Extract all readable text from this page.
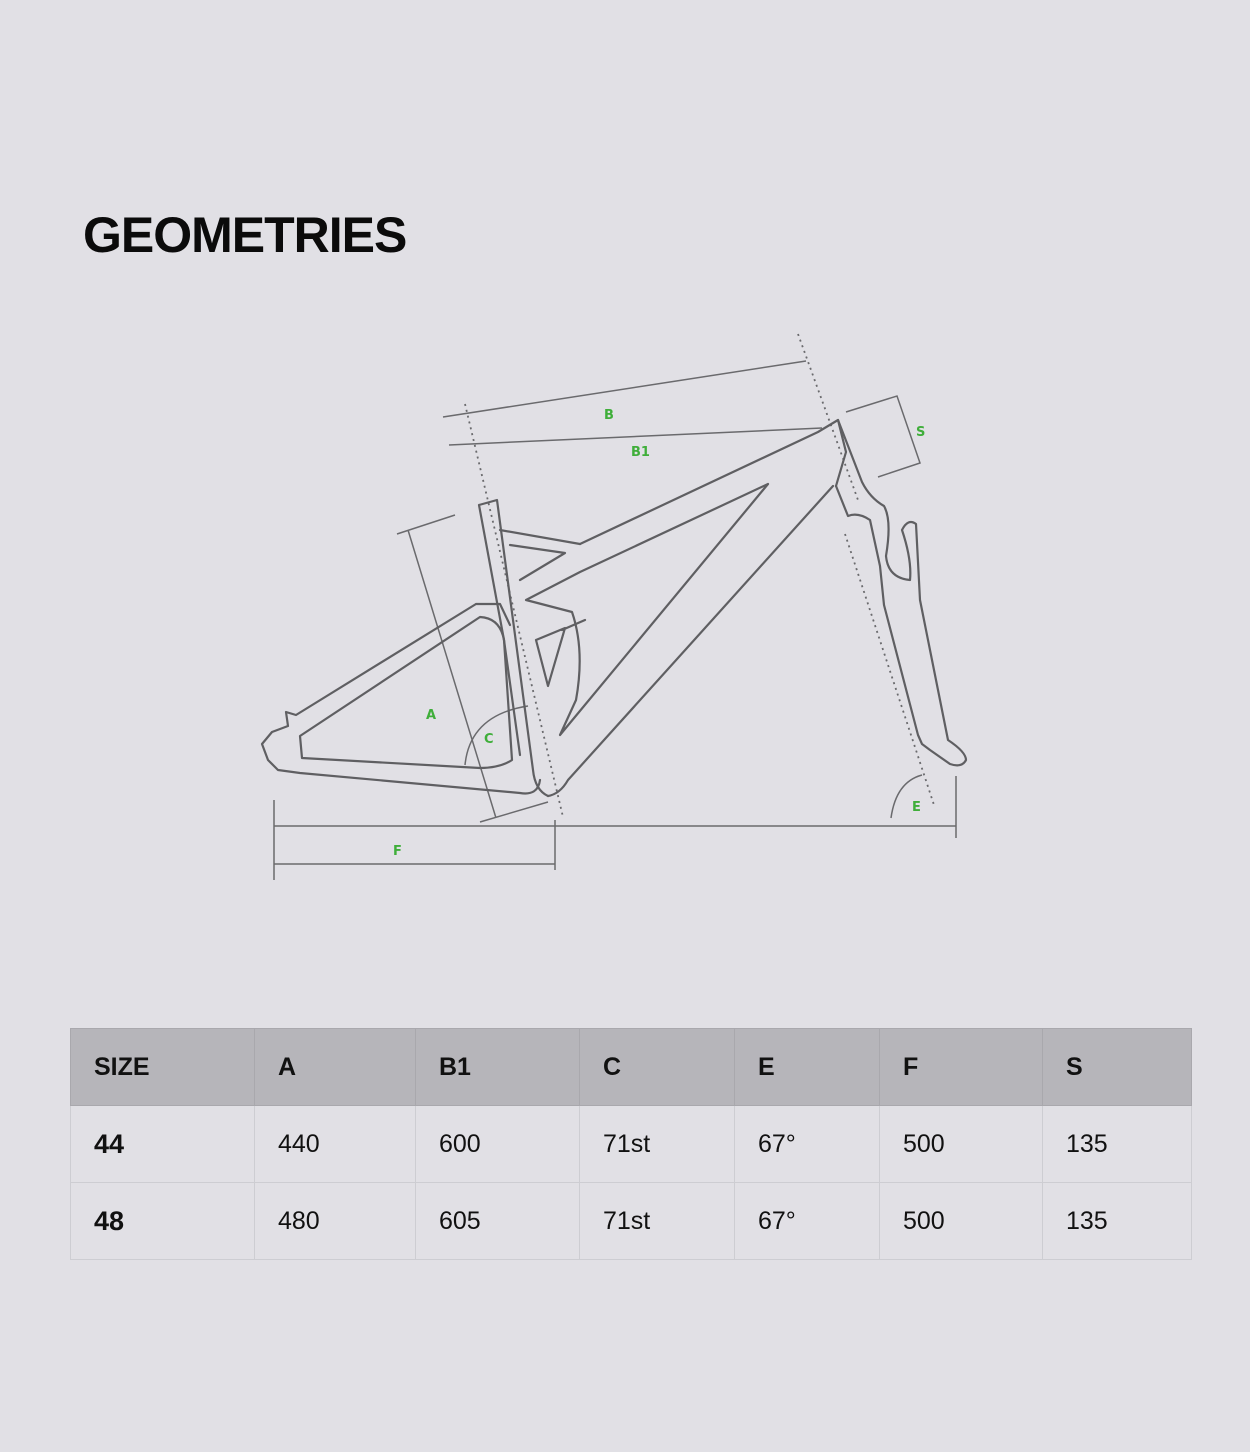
GEOMETRIES
B
B1
S
A
C
E
F
SIZE	A	B1	C	E	F	S
44	440	600	71st	67°	500	135
48	480	605	71st	67°	500	135
